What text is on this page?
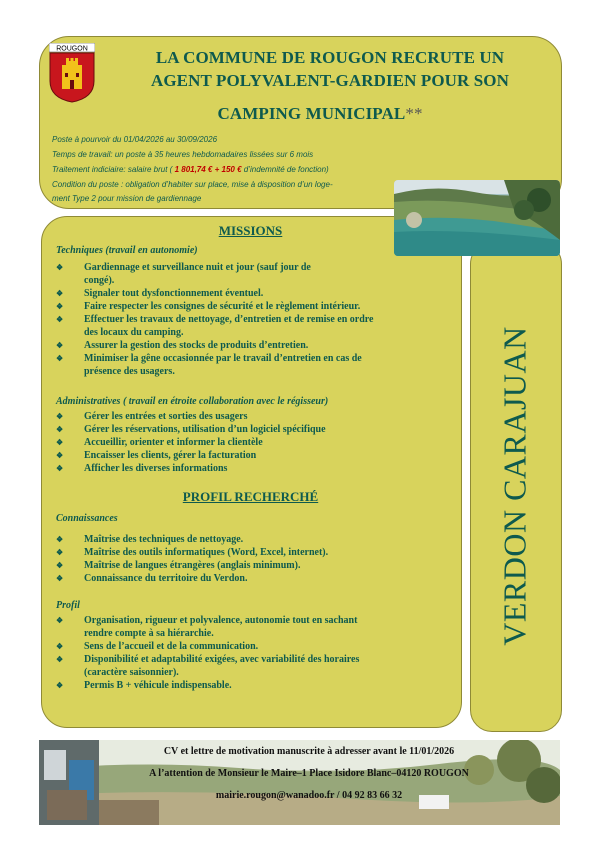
ROUGON	LA COMMUNE DE ROUGON RECRUTE UN
AGENT POLYVALENT-GARDIEN POUR SON
CAMPING MUNICIPAL**
Poste à pourvoir du 01/04/2026 au 30/09/2026
Temps de travail: un poste à 35 heures hebdomadaires lissées sur 6 mois
Traitement indiciaire: salaire brut ( 1 801,74 € + 150 € d’indemnité de fonction)
Condition du poste : obligation d’habiter sur place, mise à disposition d’un loge-
ment Type 2 pour mission de gardiennage
MISSIONS
Techniques (travail en autonomie)
❖ Gardiennage et surveillance nuit et jour (sauf jour de
congé).
❖ Signaler tout dysfonctionnement éventuel.
❖ Faire respecter les consignes de sécurité et le règlement intérieur.
❖ Effectuer les travaux de nettoyage, d’entretien et de remise en ordre
des locaux du camping.
❖ Assurer la gestion des stocks de produits d’entretien.
❖ Minimiser la gêne occasionnée par le travail d’entretien en cas de
présence des usagers.
Administratives ( travail en étroite collaboration avec le régisseur)
❖ Gérer les entrées et sorties des usagers
❖ Gérer les réservations, utilisation d’un logiciel spécifique
❖ Accueillir, orienter et informer la clientèle
❖ Encaisser les clients, gérer la facturation
❖ Afficher les diverses informations
PROFIL RECHERCHÉ
Connaissances
❖ Maîtrise des techniques de nettoyage.
❖ Maîtrise des outils informatiques (Word, Excel, internet).
❖ Maîtrise de langues étrangères (anglais minimum).
❖ Connaissance du territoire du Verdon.
Profil
❖ Organisation, rigueur et polyvalence, autonomie tout en sachant
rendre compte à sa hiérarchie.
❖ Sens de l’accueil et de la communication.
❖ Disponibilité et adaptabilité exigées, avec variabilité des horaires
(caractère saisonnier).
❖ Permis B + véhicule indispensable.
VERDON CARAJUAN
CV et lettre de motivation manuscrite à adresser avant le 11/01/2026
A l’attention de Monsieur le Maire–1 Place Isidore Blanc–04120 ROUGON
mairie.rougon@wanadoo.fr / 04 92 83 66 32
